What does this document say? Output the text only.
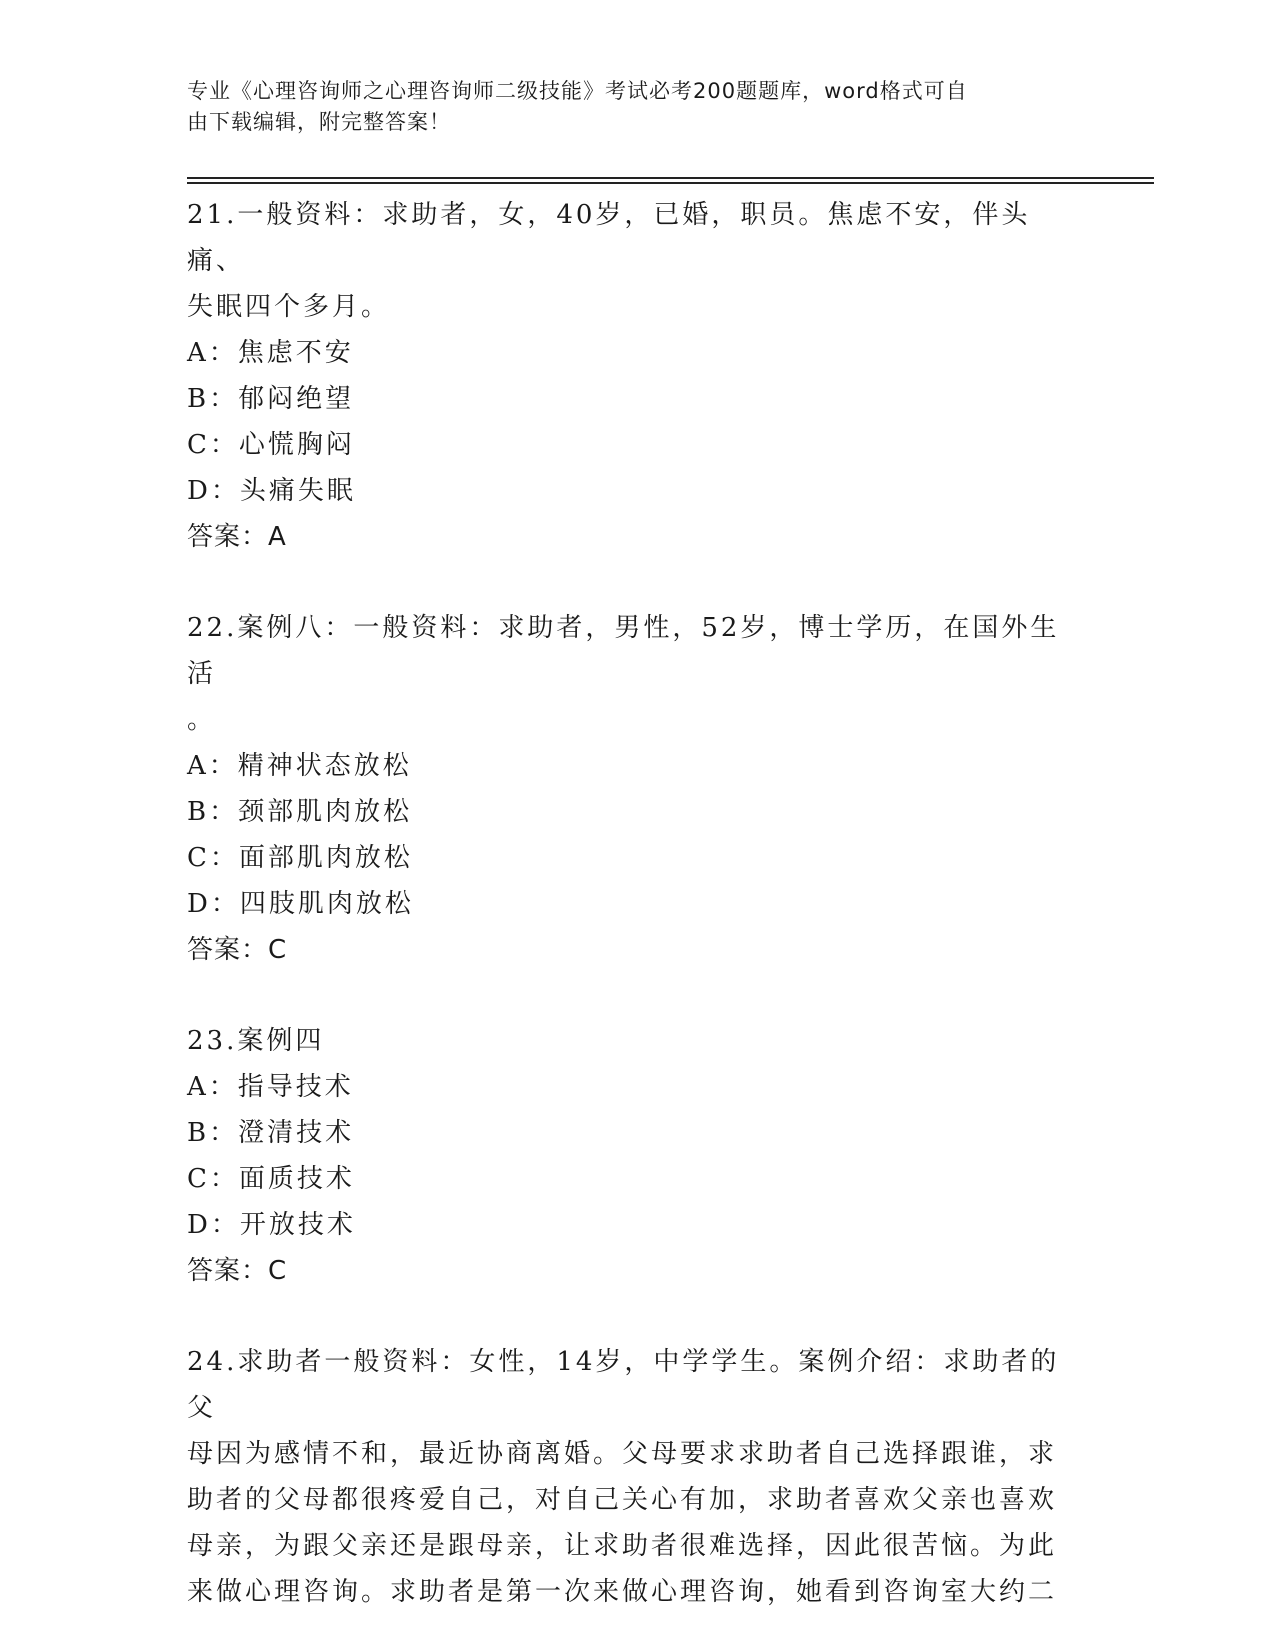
专业《心理咨询师之心理咨询师二级技能》考试必考200题题库，word格式可自
由下载编辑，附完整答案！

21.一般资料：求助者，女，40岁，已婚，职员。焦虑不安，伴头痛、

失眠四个多月。

A：焦虑不安

B：郁闷绝望

C：心慌胸闷

D：头痛失眠

答案：A

22.案例八：一般资料：求助者，男性，52岁，博士学历，在国外生活

。

A：精神状态放松

B：颈部肌肉放松

C：面部肌肉放松

D：四肢肌肉放松

答案：C

23.案例四

A：指导技术

B：澄清技术

C：面质技术

D：开放技术

答案：C

24.求助者一般资料：女性，14岁，中学学生。案例介绍：求助者的父

母因为感情不和，最近协商离婚。父母要求求助者自己选择跟谁，求

助者的父母都很疼爱自己，对自己关心有加，求助者喜欢父亲也喜欢

母亲，为跟父亲还是跟母亲，让求助者很难选择，因此很苦恼。为此

来做心理咨询。求助者是第一次来做心理咨询，她看到咨询室大约二
